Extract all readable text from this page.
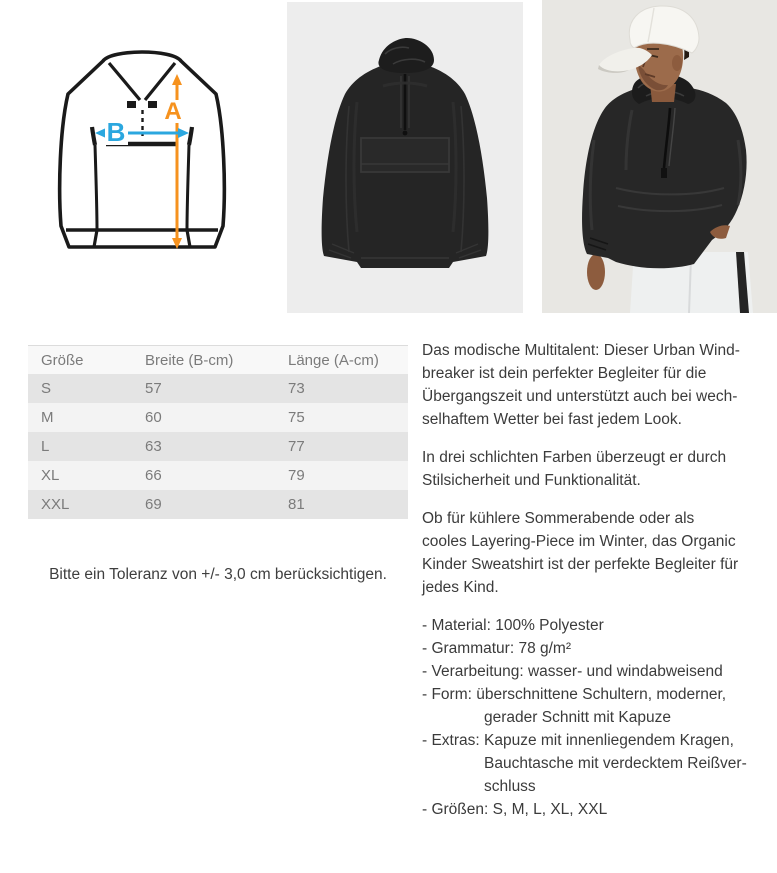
A
B
Größe	Breite (B-cm)	Länge (A-cm)
S	57	73
M	60	75
L	63	77
XL	66	79
XXL	69	81

Bitte ein Toleranz von +/- 3,0 cm berücksichtigen.

Das modische Multitalent: Dieser Urban Wind-
breaker ist dein perfekter Begleiter für die
Übergangszeit und unterstützt auch bei wech-
selhaftem Wetter bei fast jedem Look.
In drei schlichten Farben überzeugt er durch
Stilsicherheit und Funktionalität.
Ob für kühlere Sommerabende oder als
cooles Layering-Piece im Winter, das Organic
Kinder Sweatshirt ist der perfekte Begleiter für
jedes Kind.
- Material: 100% Polyester
- Grammatur: 78 g/m²
- Verarbeitung: wasser- und windabweisend
- Form: überschnittene Schultern, moderner,
gerader Schnitt mit Kapuze
- Extras: Kapuze mit innenliegendem Kragen,
Bauchtasche mit verdecktem Reißver-
schluss
- Größen: S, M, L, XL, XXL
